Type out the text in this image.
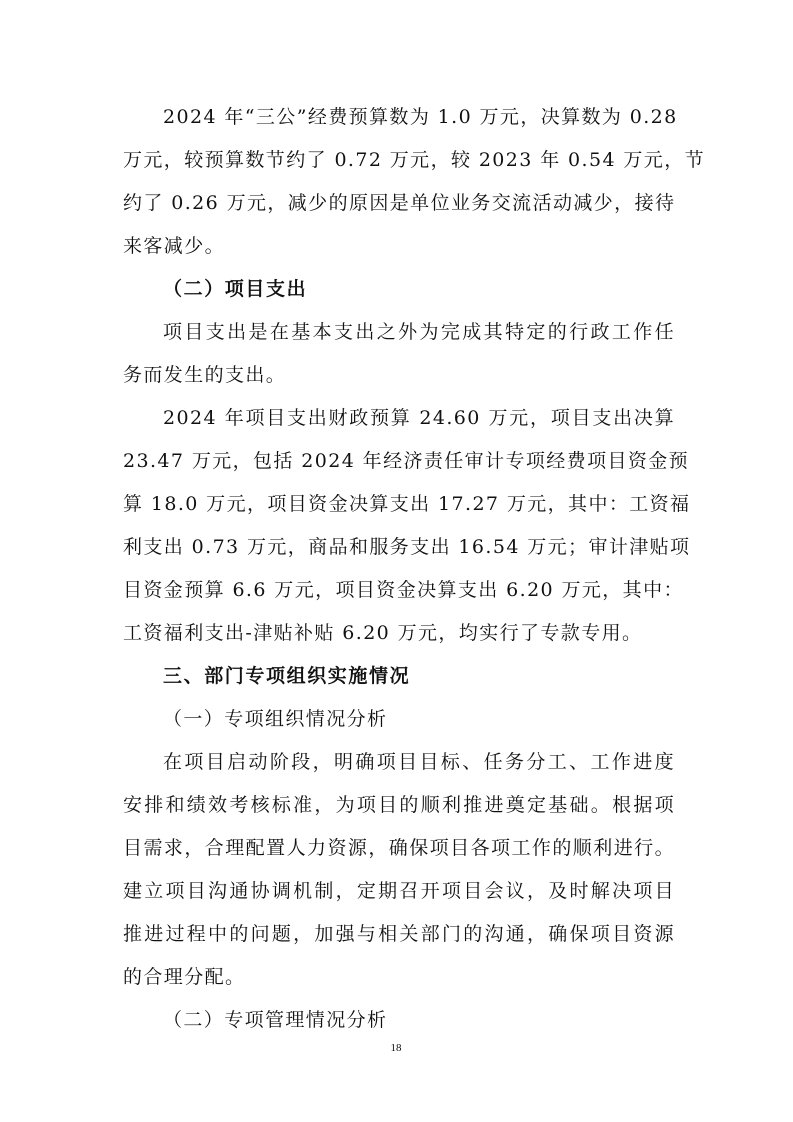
2024 年“三公”经费预算数为 1.0 万元，决算数为 0.28
万元，较预算数节约了 0.72 万元，较 2023 年 0.54 万元，节
约了 0.26 万元，减少的原因是单位业务交流活动减少，接待
来客减少。
（二）项目支出
项目支出是在基本支出之外为完成其特定的行政工作任
务而发生的支出。
2024 年项目支出财政预算 24.60 万元，项目支出决算
23.47 万元，包括 2024 年经济责任审计专项经费项目资金预
算 18.0 万元，项目资金决算支出 17.27 万元，其中：工资福
利支出 0.73 万元，商品和服务支出 16.54 万元；审计津贴项
目资金预算 6.6 万元，项目资金决算支出 6.20 万元，其中：
工资福利支出-津贴补贴 6.20 万元，均实行了专款专用。
三、部门专项组织实施情况
（一）专项组织情况分析
在项目启动阶段，明确项目目标、任务分工、工作进度
安排和绩效考核标准，为项目的顺利推进奠定基础。根据项
目需求，合理配置人力资源，确保项目各项工作的顺利进行。
建立项目沟通协调机制，定期召开项目会议，及时解决项目
推进过程中的问题，加强与相关部门的沟通，确保项目资源
的合理分配。
（二）专项管理情况分析
18
